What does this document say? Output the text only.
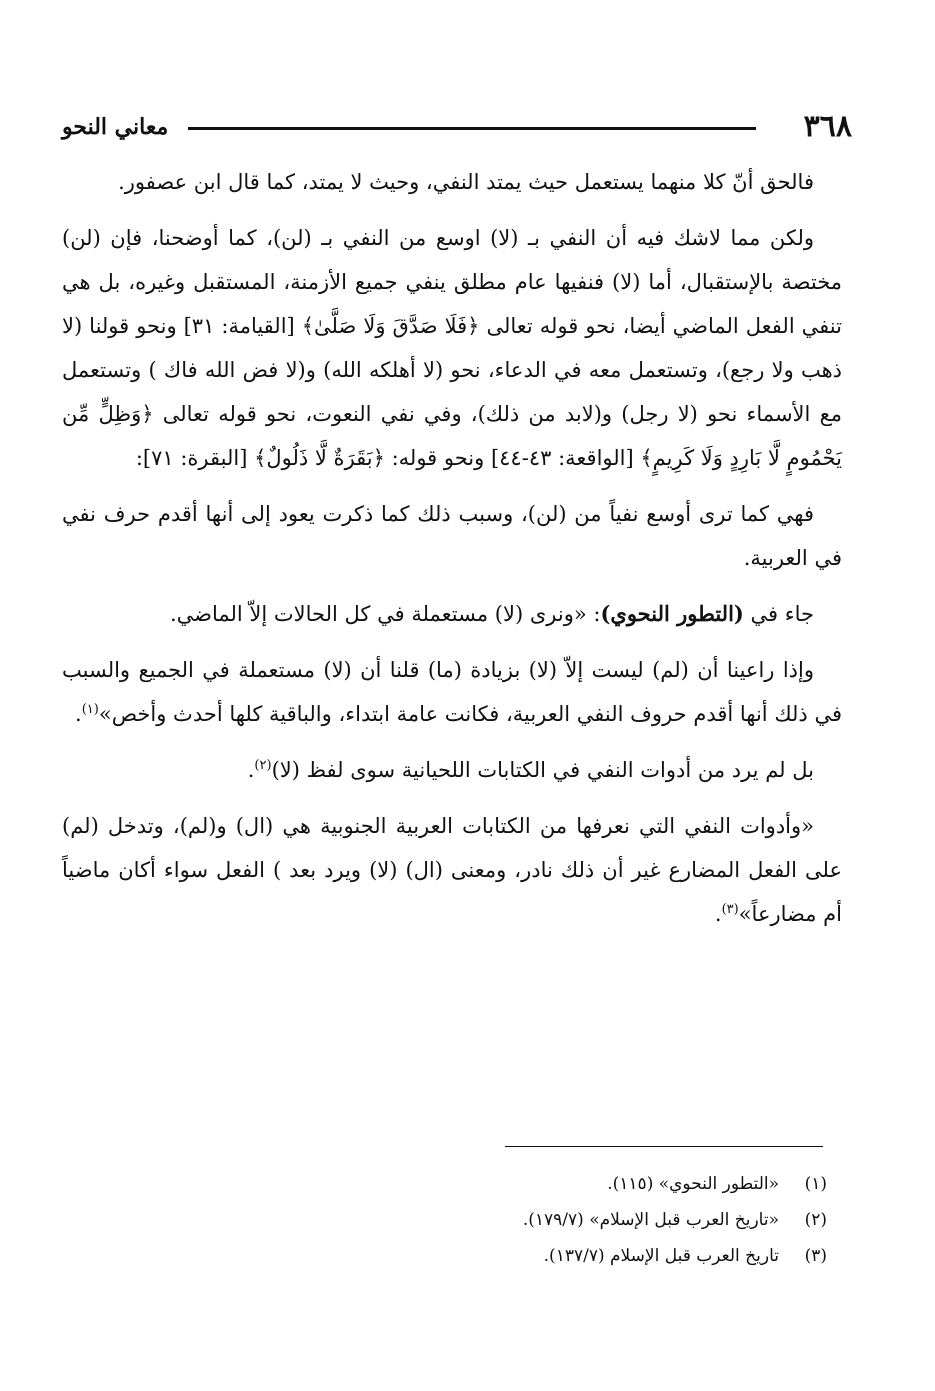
٣٦٨
معاني النحو

فالحق أنّ كلا منهما يستعمل حيث يمتد النفي، وحيث لا يمتد، كما قال ابن عصفور.

ولكن مما لاشك فيه أن النفي بـ (لا) اوسع من النفي بـ (لن)، كما أوضحنا، فإن (لن) مختصة بالإستقبال، أما (لا) فنفيها عام مطلق ينفي جميع الأزمنة، المستقبل وغيره، بل هي تنفي الفعل الماضي أيضا، نحو قوله تعالى ﴿فَلَا صَدَّقَ وَلَا صَلَّىٰ﴾ [القيامة: ٣١] ونحو قولنا (لا ذهب ولا رجع)، وتستعمل معه في الدعاء، نحو (لا أهلكه الله) و(لا فض الله فاك ) وتستعمل مع الأسماء نحو (لا رجل) و(لابد من ذلك)، وفي نفي النعوت، نحو قوله تعالى ﴿وَظِلٍّ مِّن يَحْمُومٍ لَّا بَارِدٍ وَلَا كَرِيمٍ﴾ [الواقعة: ٤٣-٤٤] ونحو قوله: ﴿بَقَرَةٌ لَّا ذَلُولٌ﴾ [البقرة: ٧١]:

فهي كما ترى أوسع نفياً من (لن)، وسبب ذلك كما ذكرت يعود إلى أنها أقدم حرف نفي في العربية.

جاء في (التطور النحوي): «ونرى (لا) مستعملة في كل الحالات إلاّ الماضي.

وإذا راعينا أن (لم) ليست إلاّ (لا) بزيادة (ما) قلنا أن (لا) مستعملة في الجميع والسبب في ذلك أنها أقدم حروف النفي العربية، فكانت عامة ابتداء، والباقية كلها أحدث وأخص»$^{(١)}$.

بل لم يرد من أدوات النفي في الكتابات اللحيانية سوى لفظ (لا)$^{(٢)}$.

«وأدوات النفي التي نعرفها من الكتابات العربية الجنوبية هي (ال) و(لم)، وتدخل (لم) على الفعل المضارع غير أن ذلك نادر، ومعنى (ال) (لا) ويرد بعد ) الفعل سواء أكان ماضياً أم مضارعاً»$^{(٣)}$.

(١)
«التطور النحوي» (١١٥).
(٢)
«تاريخ العرب قبل الإسلام» (١٧٩/٧).
(٣)
تاريخ العرب قبل الإسلام (١٣٧/٧).
